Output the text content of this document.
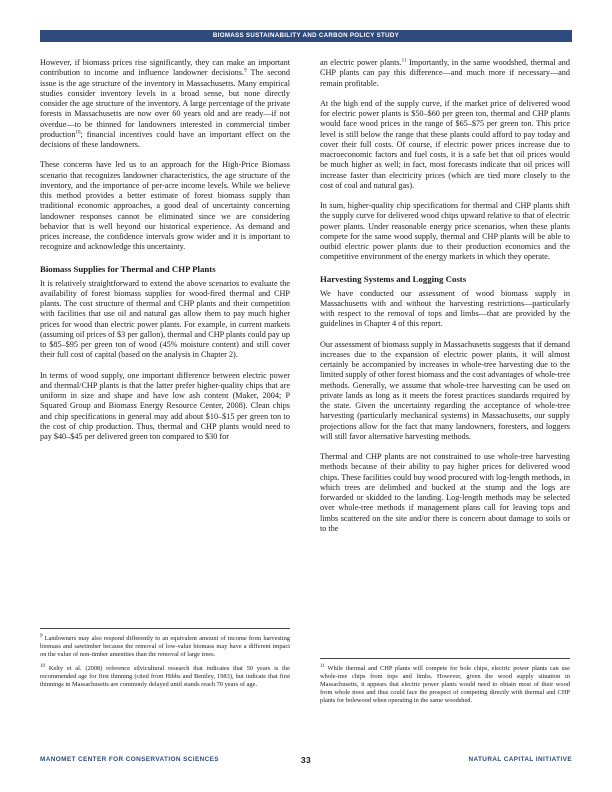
BIOMASS SUSTAINABILITY AND CARBON POLICY STUDY

However, if biomass prices rise significantly, they can make an important contribution to income and influence landowner decisions.$^9$ The second issue is the age structure of the inventory in Massachusetts. Many empirical studies consider inventory levels in a broad sense, but none directly consider the age structure of the inventory. A large percentage of the private forests in Massachusetts are now over 60 years old and are ready—if not overdue—to be thinned for landowners interested in commercial timber production$^{10}$; financial incentives could have an important effect on the decisions of these landowners.

These concerns have led us to an approach for the High-Price Biomass scenario that recognizes landowner characteristics, the age structure of the inventory, and the importance of per-acre income levels. While we believe this method provides a better estimate of forest biomass supply than traditional economic approaches, a good deal of uncertainty concerning landowner responses cannot be eliminated since we are considering behavior that is well beyond our historical experience. As demand and prices increase, the confidence intervals grow wider and it is important to recognize and acknowledge this uncertainty.

Biomass Supplies for Thermal and CHP Plants

It is relatively straightforward to extend the above scenarios to evaluate the availability of forest biomass supplies for wood-fired thermal and CHP plants. The cost structure of thermal and CHP plants and their competition with facilities that use oil and natural gas allow them to pay much higher prices for wood than electric power plants. For example, in current markets (assuming oil prices of $3 per gallon), thermal and CHP plants could pay up to $85–$95 per green ton of wood (45% moisture content) and still cover their full cost of capital (based on the analysis in Chapter 2).

In terms of wood supply, one important difference between electric power and thermal/CHP plants is that the latter prefer higher-quality chips that are uniform in size and shape and have low ash content (Maker, 2004; P Squared Group and Biomass Energy Resource Center, 2008). Clean chips and chip specifications in general may add about $10–$15 per green ton to the cost of chip production. Thus, thermal and CHP plants would need to pay $40–$45 per delivered green ton compared to $30 for

$^9$ Landowners may also respond differently to an equivalent amount of income from harvesting biomass and sawtimber because the removal of low-value biomass may have a different impact on the value of non-timber amenities than the removal of large trees.

$^{10}$ Kelty et al. (2008) reference silvicultural research that indicates that 50 years is the recommended age for first thinning (cited from Hibbs and Bentley, 1983), but indicate that first thinnings in Massachusetts are commonly delayed until stands reach 70 years of age.

an electric power plants.$^{11}$ Importantly, in the same woodshed, thermal and CHP plants can pay this difference—and much more if necessary—and remain profitable.

At the high end of the supply curve, if the market price of delivered wood for electric power plants is $50–$60 per green ton, thermal and CHP plants would face wood prices in the range of $65–$75 per green ton. This price level is still below the range that these plants could afford to pay today and cover their full costs. Of course, if electric power prices increase due to macroeconomic factors and fuel costs, it is a safe bet that oil prices would be much higher as well; in fact, most forecasts indicate that oil prices will increase faster than electricity prices (which are tied more closely to the cost of coal and natural gas).

In sum, higher-quality chip specifications for thermal and CHP plants shift the supply curve for delivered wood chips upward relative to that of electric power plants. Under reasonable energy price scenarios, when these plants compete for the same wood supply, thermal and CHP plants will be able to outbid electric power plants due to their production economics and the competitive environment of the energy markets in which they operate.

Harvesting Systems and Logging Costs

We have conducted our assessment of wood biomass supply in Massachusetts with and without the harvesting restrictions—particularly with respect to the removal of tops and limbs—that are provided by the guidelines in Chapter 4 of this report.

Our assessment of biomass supply in Massachusetts suggests that if demand increases due to the expansion of electric power plants, it will almost certainly be accompanied by increases in whole-tree harvesting due to the limited supply of other forest biomass and the cost advantages of whole-tree methods. Generally, we assume that whole-tree harvesting can be used on private lands as long as it meets the forest practices standards required by the state. Given the uncertainty regarding the acceptance of whole-tree harvesting (particularly mechanical systems) in Massachusetts, our supply projections allow for the fact that many landowners, foresters, and loggers will still favor alternative harvesting methods.

Thermal and CHP plants are not constrained to use whole-tree harvesting methods because of their ability to pay higher prices for delivered wood chips. These facilities could buy wood procured with log-length methods, in which trees are delimbed and bucked at the stump and the logs are forwarded or skidded to the landing. Log-length methods may be selected over whole-tree methods if management plans call for leaving tops and limbs scattered on the site and/or there is concern about damage to soils or to the

$^{11}$ While thermal and CHP plants will compete for bole chips, electric power plants can use whole-tree chips from tops and limbs. However, given the wood supply situation in Massachusetts, it appears that electric power plants would need to obtain most of their wood from whole trees and thus could face the prospect of competing directly with thermal and CHP plants for bolewood when operating in the same woodshed.

MANOMET CENTER FOR CONSERVATION SCIENCES	33	NATURAL CAPITAL INITIATIVE
